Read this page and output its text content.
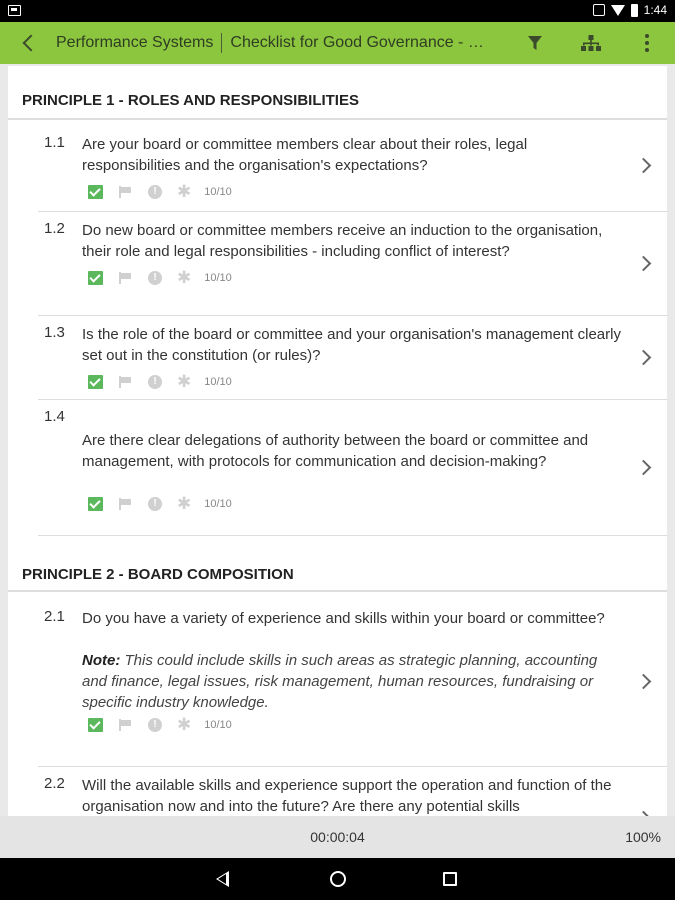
1:44
Performance Systems Checklist for Good Governance - N...
PRINCIPLE 1 - ROLES AND RESPONSIBILITIES
1.1 Are your board or committee members clear about their roles, legal responsibilities and the organisation's expectations?
!	✱ 10/10
1.2 Do new board or committee members receive an induction to the organisation, their role and legal responsibilities - including conflict of interest?
!	✱ 10/10
1.3 Is the role of the board or committee and your organisation's management clearly set out in the constitution (or rules)?
!	✱ 10/10
1.4
Are there clear delegations of authority between the board or committee and management, with protocols for communication and decision-making?
!	✱ 10/10
PRINCIPLE 2 - BOARD COMPOSITION
2.1 Do you have a variety of experience and skills within your board or committee?
Note: This could include skills in such areas as strategic planning, accounting and finance, legal issues, risk management, human resources, fundraising or specific industry knowledge.
!	✱ 10/10
2.2 Will the available skills and experience support the operation and function of the organisation now and into the future? Are there any potential skills
00:00:04	100%
